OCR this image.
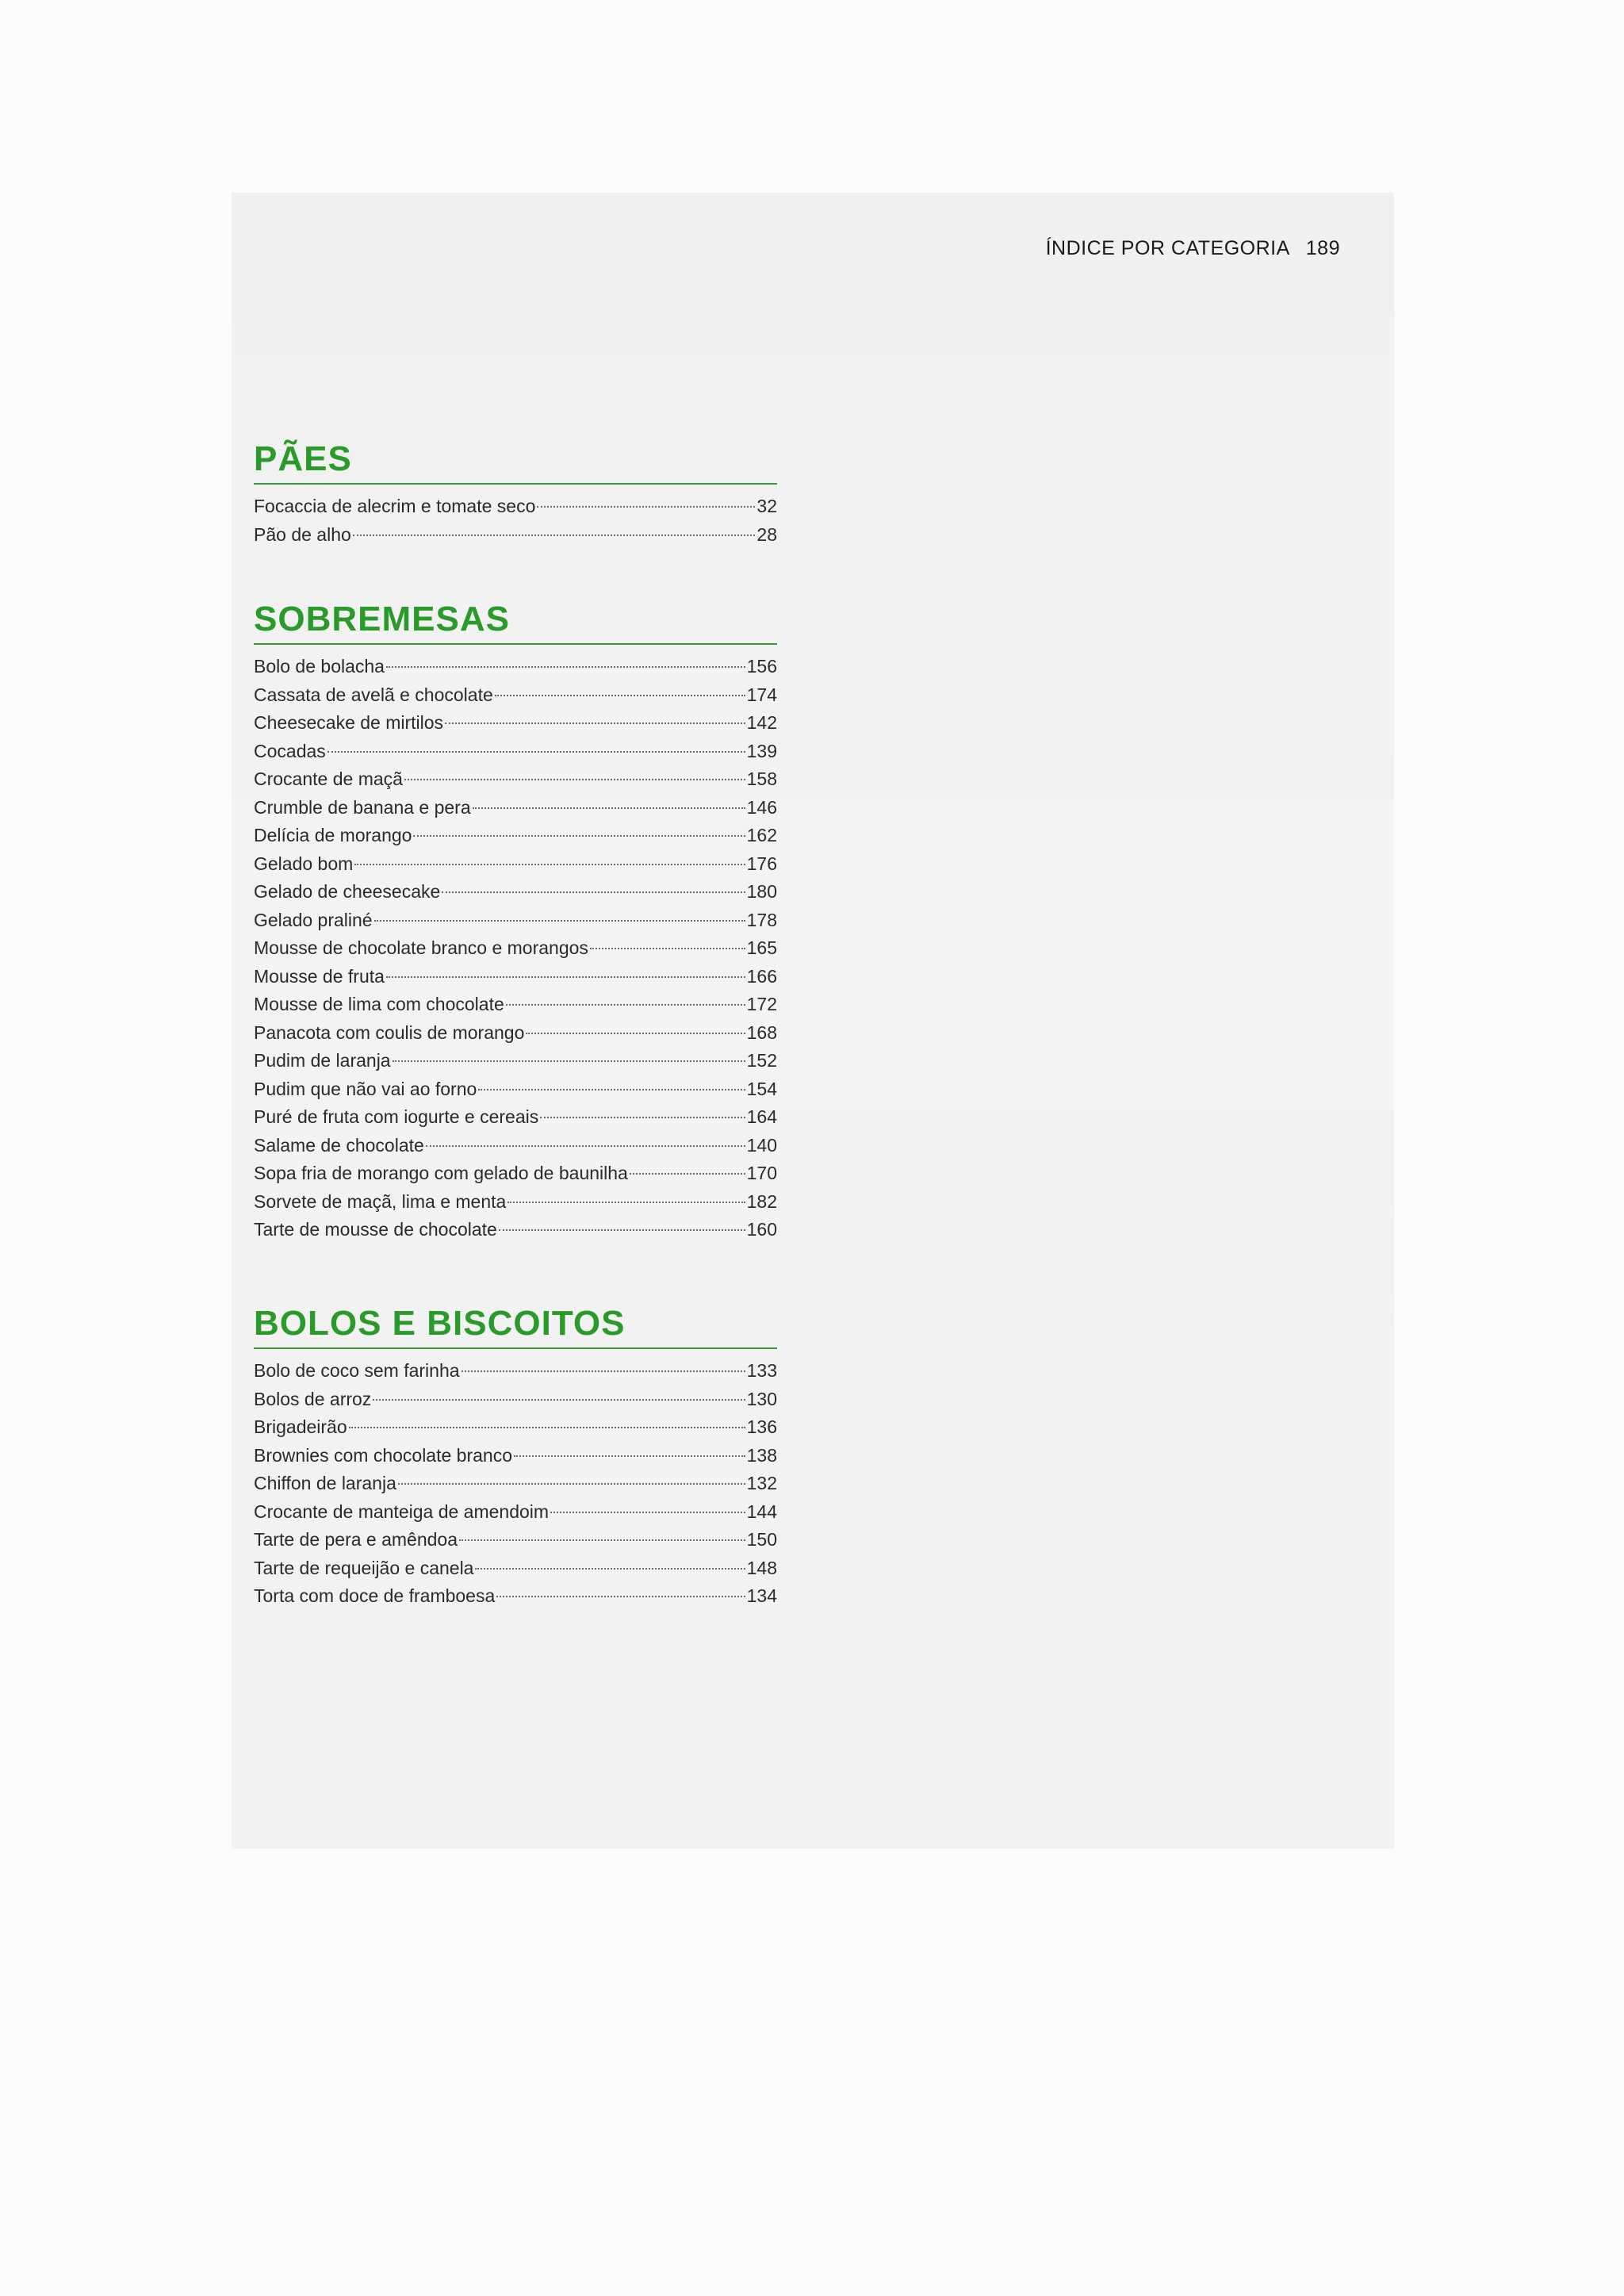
ÍNDICE POR CATEGORIA 189
PÃES
Focaccia de alecrim e tomate seco	32
Pão de alho	28
SOBREMESAS
Bolo de bolacha	156
Cassata de avelã e chocolate	174
Cheesecake de mirtilos	142
Cocadas	139
Crocante de maçã	158
Crumble de banana e pera	146
Delícia de morango	162
Gelado bom	176
Gelado de cheesecake	180
Gelado praliné	178
Mousse de chocolate branco e morangos	165
Mousse de fruta	166
Mousse de lima com chocolate	172
Panacota com coulis de morango	168
Pudim de laranja	152
Pudim que não vai ao forno	154
Puré de fruta com iogurte e cereais	164
Salame de chocolate	140
Sopa fria de morango com gelado de baunilha	170
Sorvete de maçã, lima e menta	182
Tarte de mousse de chocolate	160
BOLOS E BISCOITOS
Bolo de coco sem farinha	133
Bolos de arroz	130
Brigadeirão	136
Brownies com chocolate branco	138
Chiffon de laranja	132
Crocante de manteiga de amendoim	144
Tarte de pera e amêndoa	150
Tarte de requeijão e canela	148
Torta com doce de framboesa	134
